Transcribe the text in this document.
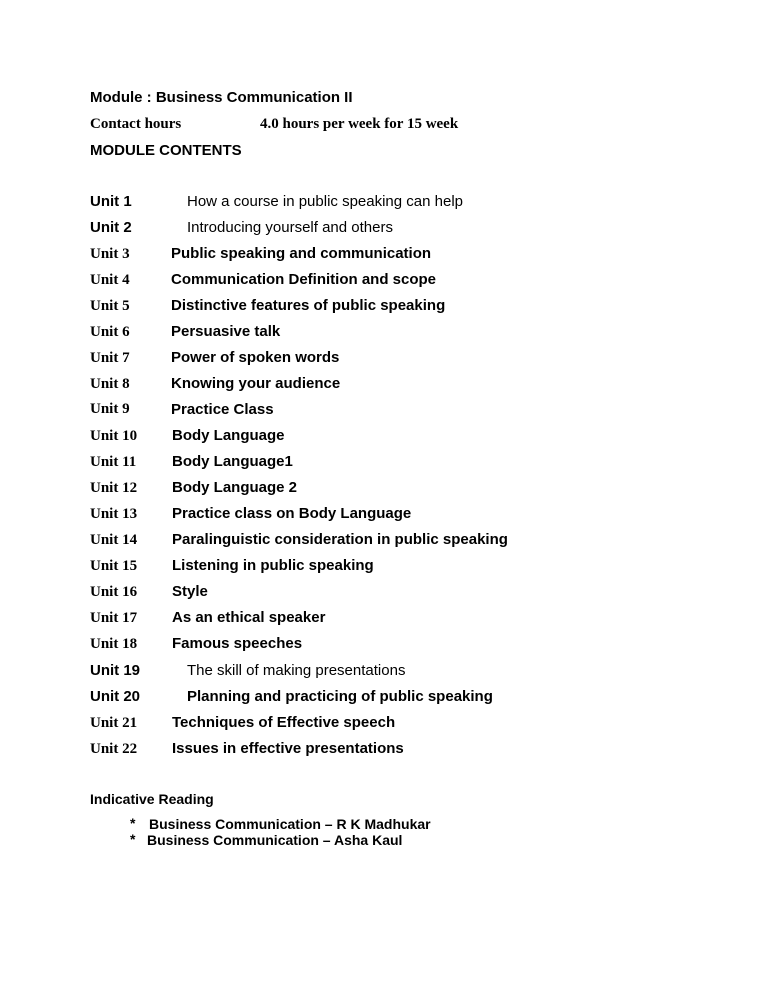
Module : Business Communication II
Contact hours	4.0 hours per week for 15 week
MODULE CONTENTS
Unit 1	How a course in public speaking can help
Unit 2	Introducing yourself and others
Unit 3	Public speaking and communication
Unit 4	Communication Definition and scope
Unit 5	Distinctive features of public speaking
Unit 6	Persuasive talk
Unit 7	Power of spoken words
Unit 8	Knowing your audience
Unit 9	Practice Class
Unit 10 Body Language
Unit 11 Body Language1
Unit 12 Body Language 2
Unit 13 Practice class on Body Language
Unit 14 Paralinguistic consideration in public speaking
Unit 15 Listening in public speaking
Unit 16 Style
Unit 17 As an ethical speaker
Unit 18 Famous speeches
Unit 19	The skill of making presentations
Unit 20	Planning and practicing of public speaking
Unit 21 Techniques of Effective speech
Unit 22 Issues in effective presentations
Indicative Reading
* Business Communication – R K Madhukar
* Business Communication – Asha Kaul
